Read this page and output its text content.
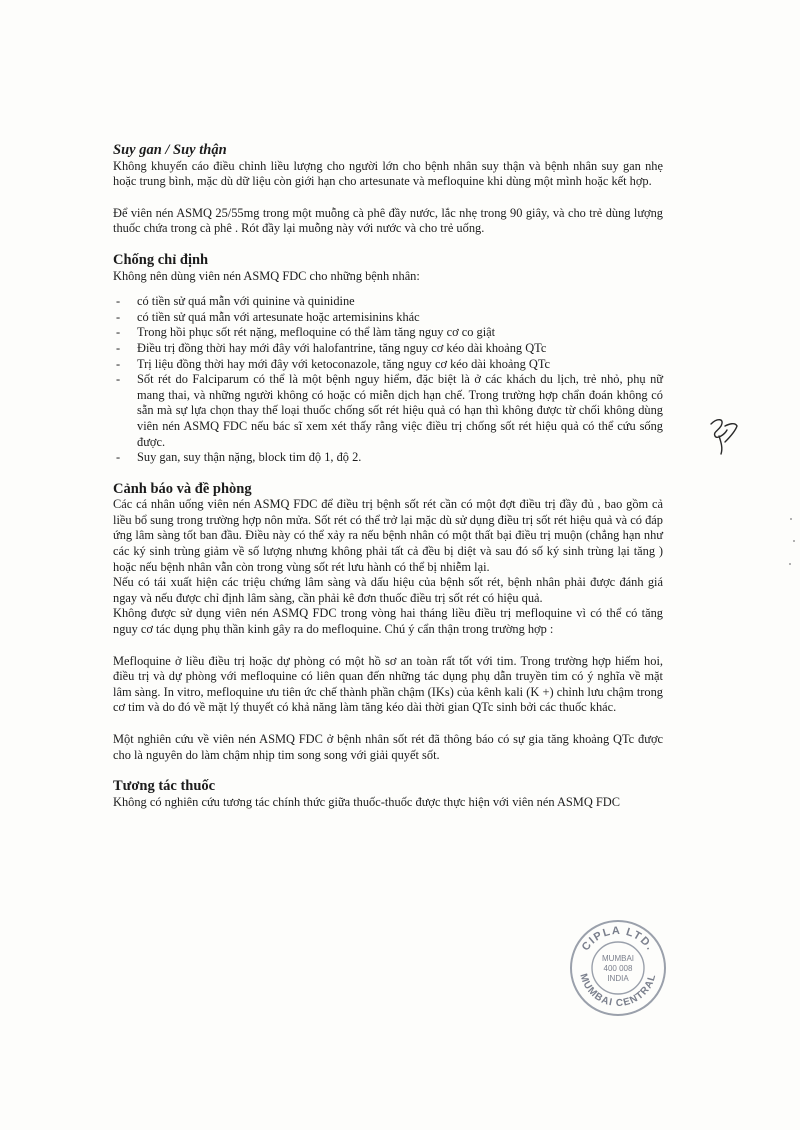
Suy gan / Suy thận

Không khuyến cáo điều chỉnh liều lượng cho người lớn cho bệnh nhân suy thận và bệnh nhân suy gan nhẹ hoặc trung bình, mặc dù dữ liệu còn giới hạn cho artesunate và mefloquine khi dùng một mình hoặc kết hợp.

Để viên nén ASMQ 25/55mg trong một muỗng cà phê đầy nước, lắc nhẹ trong 90 giây, và cho trẻ dùng lượng thuốc chứa trong cà phê . Rót đầy lại muỗng này với nước và cho trẻ uống.

Chống chỉ định

Không nên dùng viên nén ASMQ FDC cho những bệnh nhân:

- có tiền sử quá mẫn với quinine và quinidine
- có tiền sử quá mẫn với artesunate hoặc artemisinins khác
- Trong hồi phục sốt rét nặng, mefloquine có thể làm tăng nguy cơ co giật
- Điều trị đồng thời hay mới đây với halofantrine, tăng nguy cơ kéo dài khoảng QTc
- Trị liệu đồng thời hay mới đây với ketoconazole, tăng nguy cơ kéo dài khoảng QTc
- Sốt rét do Falciparum có thể là một bệnh nguy hiểm, đặc biệt là ở các khách du lịch, trẻ nhỏ, phụ nữ mang thai, và những người không có hoặc có miễn dịch hạn chế. Trong trường hợp chẩn đoán không có sẵn mà sự lựa chọn thay thế loại thuốc chống sốt rét hiệu quả có hạn thì không được từ chối không dùng viên nén ASMQ FDC nếu bác sĩ xem xét thấy rằng việc điều trị chống sốt rét hiệu quả có thể cứu sống được.
- Suy gan, suy thận nặng, block tim độ 1, độ 2.
Cảnh báo và đề phòng

Các cá nhân uống viên nén ASMQ FDC để điều trị bệnh sốt rét cần có một đợt điều trị đầy đủ , bao gồm cả liều bổ sung trong trường hợp nôn mửa. Sốt rét có thể trở lại mặc dù sử dụng điều trị sốt rét hiệu quả và có đáp ứng lâm sàng tốt ban đầu. Điều này có thể xảy ra nếu bệnh nhân có một thất bại điều trị muộn (chẳng hạn như các ký sinh trùng giảm về số lượng nhưng không phải tất cả đều bị diệt và sau đó số ký sinh trùng lại tăng ) hoặc nếu bệnh nhân vẫn còn trong vùng sốt rét lưu hành có thể bị nhiễm lại.

Nếu có tái xuất hiện các triệu chứng lâm sàng và dấu hiệu của bệnh sốt rét, bệnh nhân phải được đánh giá ngay và nếu được chỉ định lâm sàng, cần phải kê đơn thuốc điều trị sốt rét có hiệu quả.

Không được sử dụng viên nén ASMQ FDC trong vòng hai tháng liều điều trị mefloquine vì có thể có tăng nguy cơ tác dụng phụ thần kinh gây ra do mefloquine. Chú ý cẩn thận trong trường hợp :

Mefloquine ở liều điều trị hoặc dự phòng có một hồ sơ an toàn rất tốt với tim. Trong trường hợp hiếm hoi, điều trị và dự phòng với mefloquine có liên quan đến những tác dụng phụ dẫn truyền tim có ý nghĩa về mặt lâm sàng. In vitro, mefloquine ưu tiên ức chế thành phần chậm (IKs) của kênh kali (K +) chỉnh lưu chậm trong cơ tim và do đó về mặt lý thuyết có khả năng làm tăng kéo dài thời gian QTc sinh bởi các thuốc khác.

Một nghiên cứu về viên nén ASMQ FDC ở bệnh nhân sốt rét đã thông báo có sự gia tăng khoảng QTc được cho là nguyên do làm chậm nhịp tim song song với giải quyết sốt.

Tương tác thuốc

Không có nghiên cứu tương tác chính thức giữa thuốc-thuốc được thực hiện với viên nén ASMQ FDC

CIPLA LTD.
MUMBAI CENTRAL
MUMBAI
400 008
INDIA
